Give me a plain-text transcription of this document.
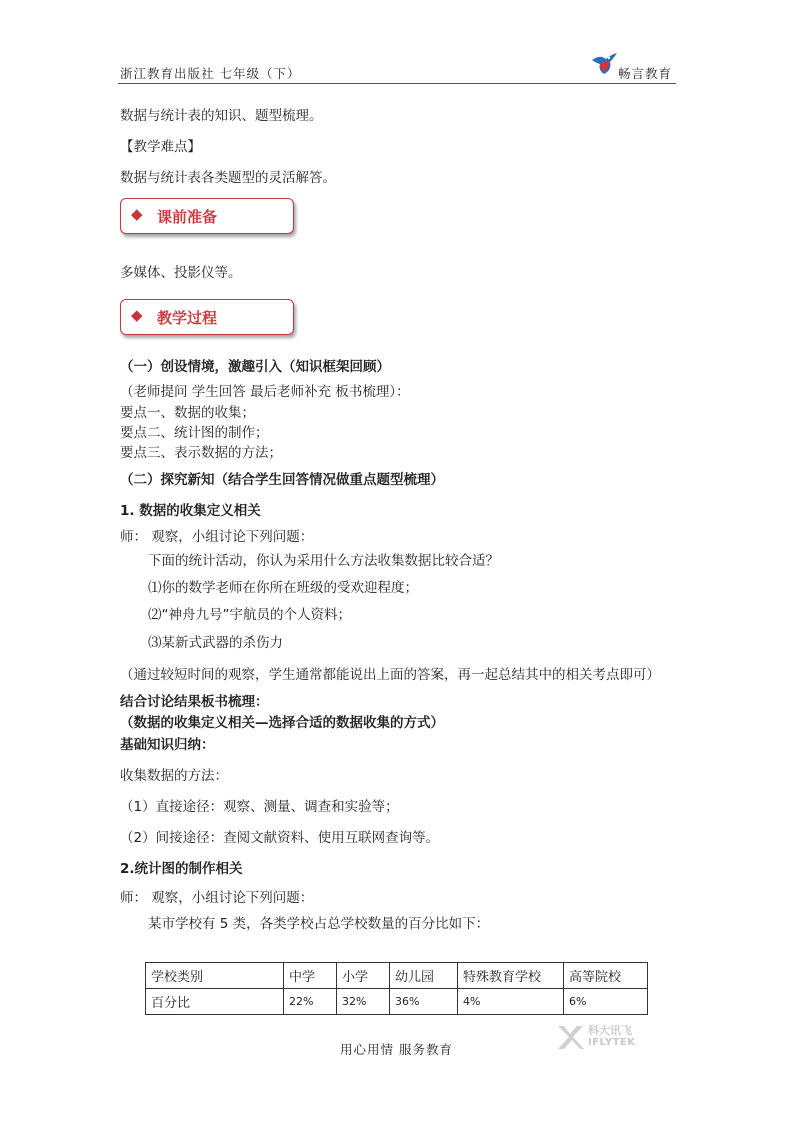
浙江教育出版社 七年级（下）	畅言教育
数据与统计表的知识、题型梳理。
【教学难点】
数据与统计表各类题型的灵活解答。
◆ 课前准备
多媒体、投影仪等。
◆ 教学过程
（一）创设情境，激趣引入（知识框架回顾）
（老师提问 学生回答 最后老师补充 板书梳理）：
要点一、数据的收集；
要点二、统计图的制作；
要点三、表示数据的方法；
（二）探究新知（结合学生回答情况做重点题型梳理）
1. 数据的收集定义相关
师： 观察，小组讨论下列问题：
下面的统计活动，你认为采用什么方法收集数据比较合适？
⑴你的数学老师在你所在班级的受欢迎程度；
⑵“神舟九号”宇航员的个人资料；
⑶某新式武器的杀伤力
（通过较短时间的观察，学生通常都能说出上面的答案，再一起总结其中的相关考点即可）
结合讨论结果板书梳理：
（数据的收集定义相关—选择合适的数据收集的方式）
基础知识归纳：
收集数据的方法：
（1）直接途径：观察、测量、调查和实验等；
（2）间接途径：查阅文献资料、使用互联网查询等。
2.统计图的制作相关
师： 观察，小组讨论下列问题：
某市学校有 5 类，各类学校占总学校数量的百分比如下：
学校类别	中学	小学	幼儿园	特殊教育学校	高等院校
百分比	22%	32%	36%	4%	6%
科大讯飞
IFLYTEK
用心用情 服务教育
